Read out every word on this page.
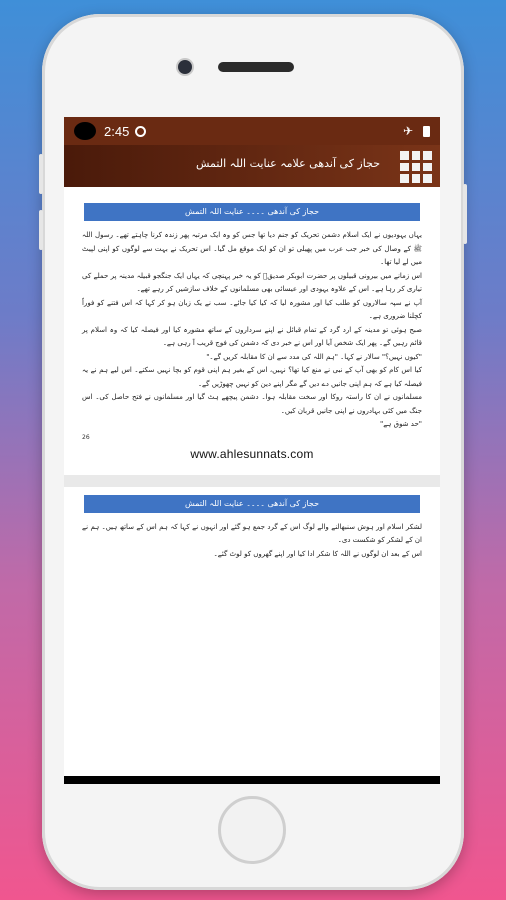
2:45	✈
حجاز کی آندھی علامہ عنایت اللہ التمش
حجاز کی آندھی ۔۔۔۔ عنایت اللہ التمش

یہاں یہودیوں نے ایک اسلام دشمن تحریک کو جنم دیا تھا جس کو وہ ایک مرتبہ پھر زندہ کرنا چاہتے تھے۔ رسول اللہ ﷺ کے وصال کی خبر جب عرب میں پھیلی تو ان کو ایک موقع مل گیا۔ اس تحریک نے بہت سے لوگوں کو اپنی لپیٹ میں لے لیا تھا۔

اس زمانے میں بیرونی قبیلوں پر حضرت ابوبکر صدیقؓ کو یہ خبر پہنچی کہ یہاں ایک جنگجو قبیلہ مدینہ پر حملے کی تیاری کر رہا ہے۔ اس کے علاوہ یہودی اور عیسائی بھی مسلمانوں کے خلاف سازشیں کر رہے تھے۔

آپ نے سپہ سالاروں کو طلب کیا اور مشورہ لیا کہ کیا کیا جائے۔ سب نے یک زبان ہو کر کہا کہ اس فتنے کو فوراً کچلنا ضروری ہے۔

صبح ہوئی تو مدینہ کے ارد گرد کے تمام قبائل نے اپنے سرداروں کے ساتھ مشورہ کیا اور فیصلہ کیا کہ وہ اسلام پر قائم رہیں گے۔ پھر ایک شخص آیا اور اس نے خبر دی کہ دشمن کی فوج قریب آ رہی ہے۔

"کیوں نہیں؟" سالار نے کہا۔ "ہم اللہ کی مدد سے ان کا مقابلہ کریں گے۔"

کیا اس کام کو بھی آپ کے نبی نے منع کیا تھا؟ نہیں، اس کے بغیر ہم اپنی قوم کو بچا نہیں سکتے۔ اس لیے ہم نے یہ فیصلہ کیا ہے کہ ہم اپنی جانیں دے دیں گے مگر اپنے دین کو نہیں چھوڑیں گے۔

مسلمانوں نے ان کا راستہ روکا اور سخت مقابلہ ہوا۔ دشمن پیچھے ہٹ گیا اور مسلمانوں نے فتح حاصل کی۔ اس جنگ میں کئی بہادروں نے اپنی جانیں قربان کیں۔

"حد شوق ہے"

26
www.ahlesunnats.com
حجاز کی آندھی ۔۔۔۔ عنایت اللہ التمش

لشکر اسلام اور ہوش سنبھالنے والے لوگ اس کے گرد جمع ہو گئے اور انہوں نے کہا کہ ہم اس کے ساتھ ہیں۔ ہم نے ان کے لشکر کو شکست دی۔

اس کے بعد ان لوگوں نے اللہ کا شکر ادا کیا اور اپنے گھروں کو لوٹ گئے۔
